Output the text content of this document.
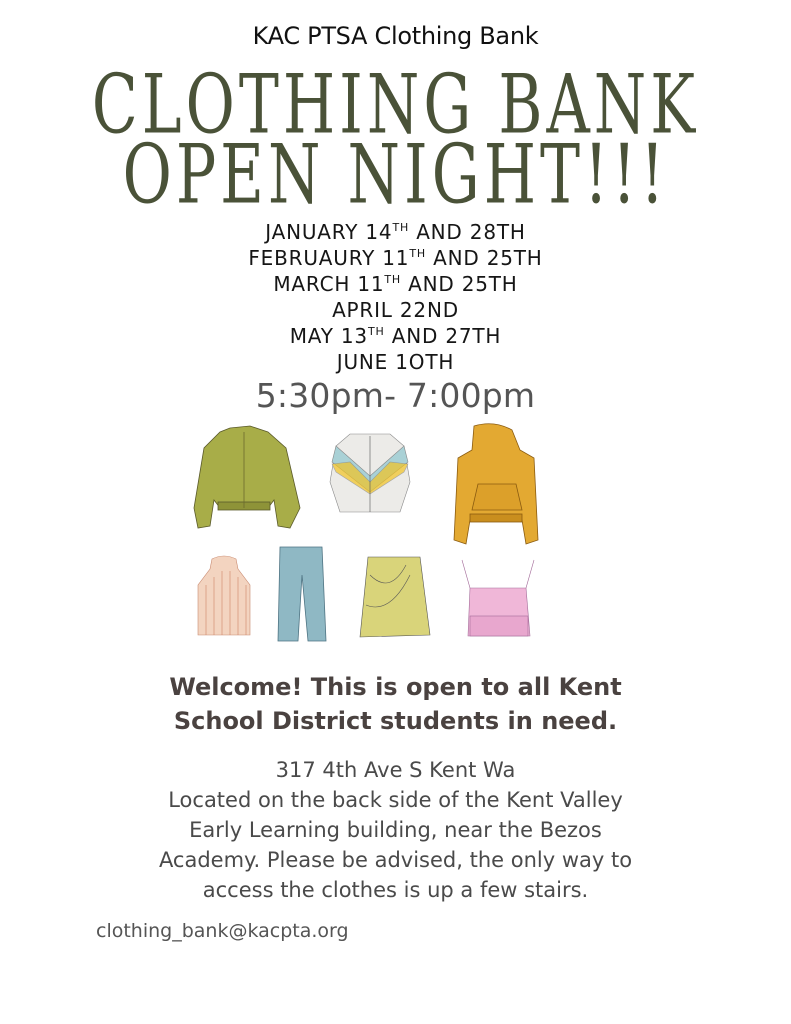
KAC PTSA Clothing Bank
CLOTHING BANK
OPEN NIGHT!!!
JANUARY 14TH AND 28TH
FEBRUAURY 11TH AND 25TH
MARCH 11TH AND 25TH
APRIL 22ND
MAY 13TH AND 27TH
JUNE 1OTH
5:30pm- 7:00pm
Welcome! This is open to all Kent
School District students in need.
317 4th Ave S Kent Wa
Located on the back side of the Kent Valley
Early Learning building, near the Bezos
Academy. Please be advised, the only way to
access the clothes is up a few stairs.
clothing_bank@kacpta.org
